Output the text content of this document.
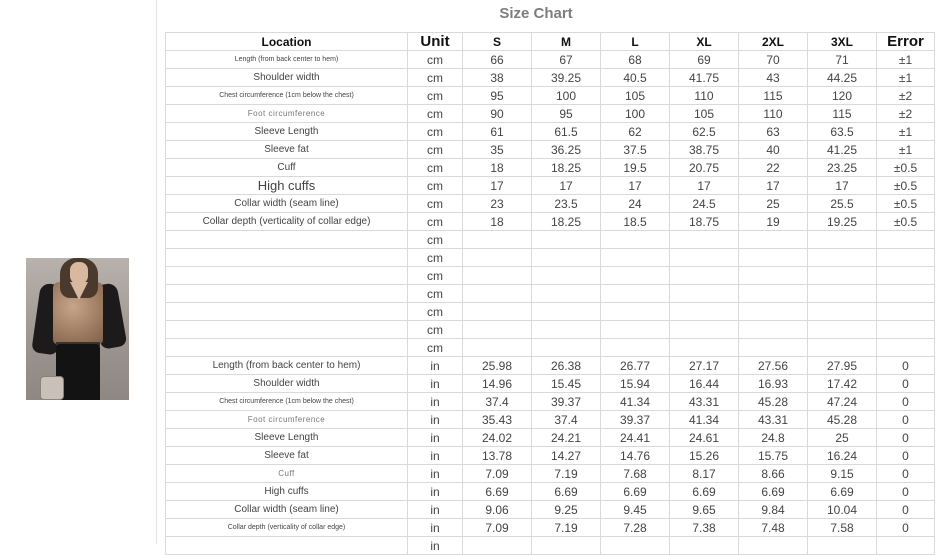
Size Chart
Location	Unit	S	M	L	XL	2XL	3XL	Error
Length (from back center to hem)	cm	66	67	68	69	70	71	±1
Shoulder width	cm	38	39.25	40.5	41.75	43	44.25	±1
Chest circumference (1cm below the chest)	cm	95	100	105	110	115	120	±2
Foot circumference	cm	90	95	100	105	110	115	±2
Sleeve Length	cm	61	61.5	62	62.5	63	63.5	±1
Sleeve fat	cm	35	36.25	37.5	38.75	40	41.25	±1
Cuff	cm	18	18.25	19.5	20.75	22	23.25	±0.5
High cuffs	cm	17	17	17	17	17	17	±0.5
Collar width (seam line)	cm	23	23.5	24	24.5	25	25.5	±0.5
Collar depth (verticality of collar edge)	cm	18	18.25	18.5	18.75	19	19.25	±0.5
	cm							
	cm							
	cm							
	cm							
	cm							
	cm							
	cm							
Length (from back center to hem)	in	25.98	26.38	26.77	27.17	27.56	27.95	0
Shoulder width	in	14.96	15.45	15.94	16.44	16.93	17.42	0
Chest circumference (1cm below the chest)	in	37.4	39.37	41.34	43.31	45.28	47.24	0
Foot circumference	in	35.43	37.4	39.37	41.34	43.31	45.28	0
Sleeve Length	in	24.02	24.21	24.41	24.61	24.8	25	0
Sleeve fat	in	13.78	14.27	14.76	15.26	15.75	16.24	0
Cuff	in	7.09	7.19	7.68	8.17	8.66	9.15	0
High cuffs	in	6.69	6.69	6.69	6.69	6.69	6.69	0
Collar width (seam line)	in	9.06	9.25	9.45	9.65	9.84	10.04	0
Collar depth (verticality of collar edge)	in	7.09	7.19	7.28	7.38	7.48	7.58	0
	in							
